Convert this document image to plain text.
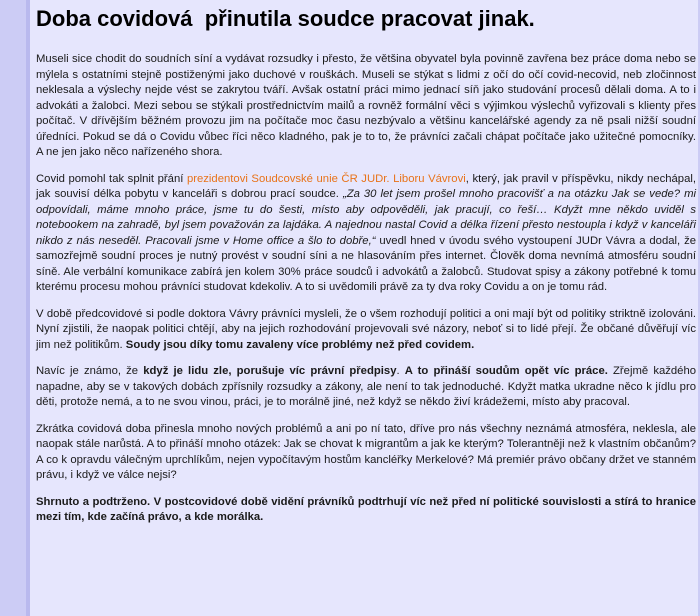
Doba covidová  přinutila soudce pracovat jinak.

Museli sice chodit do soudních síní a vydávat rozsudky i přesto, že většina obyvatel byla povinně zavřena bez práce doma nebo se mýlela s ostatními stejně postiženými jako duchové v rouškách. Museli se stýkat s lidmi z očí do očí covid-necovid, neb zločinnost neklesala a výslechy nejde vést se zakrytou tváří. Avšak ostatní práci mimo jednací síň jako studování procesů dělali doma. A to i advokáti a žalobci. Mezi sebou se stýkali prostřednictvím mailů a rovněž formální věci s výjimkou výslechů vyřizovali s klienty přes počítač. V dřívějším běžném provozu jim na počítače moc času nezbývalo a většinu kancelářské agendy za ně psali nižší soudní úředníci. Pokud se dá o Covidu vůbec říci něco kladného, pak je to to, že právníci začali chápat počítače jako užitečné pomocníky. A ne jen jako něco nařízeného shora.

Covid pomohl tak splnit přání prezidentovi Soudcovské unie ČR JUDr. Liboru Vávrovi, který, jak pravil v příspěvku, nikdy nechápal, jak souvisí délka pobytu v kanceláři s dobrou prací soudce. „Za 30 let jsem prošel mnoho pracovišť a na otázku Jak se vede? mi odpovídali, máme mnoho práce, jsme tu do šesti, místo aby odpověděli, jak pracují, co řeší… Kdyžt mne někdo uviděl s notebookem na zahradě, byl jsem považován za lajdáka. A najednou nastal Covid a délka řízení přesto nestoupla i když v kanceláři nikdo z nás neseděl. Pracovali jsme v Home office a šlo to dobře,“ uvedl hned v úvodu svého vystoupení JUDr Vávra a dodal, že samozřejmě soudní proces je nutný provést v soudní síni a ne hlasováním přes internet. Člověk doma nevnímá atmosféru soudní síně. Ale verbální komunikace zabírá jen kolem 30% práce soudců i advokátů a žalobců. Studovat spisy a zákony potřebné k tomu kterému procesu mohou právníci studovat kdekoliv. A to si uvědomili právě za ty dva roky Covidu a on je tomu rád.

V době předcovidové si podle doktora Vávry právníci mysleli, že o všem rozhodují politici a oni mají být od politiky striktně izolováni. Nyní zjistili, že naopak politici chtějí, aby na jejich rozhodování projevovali své názory, neboť si to lidé přejí. Že občané důvěřují víc jim než politikům. Soudy jsou díky tomu zavaleny více problémy než před covidem.

Navíc je známo, že když je lidu zle, porušuje víc právní předpisy. A to přináší soudům opět víc práce. Zřejmě každého napadne, aby se v takových dobách zpřísnily rozsudky a zákony, ale není to tak jednoduché. Kdyžt matka ukradne něco k jídlu pro děti, protože nemá, a to ne svou vinou, práci, je to morálně jiné, než když se někdo živí krádežemi, místo aby pracoval.

Zkrátka covidová doba přinesla mnoho nových problémů a ani po ní tato, dříve pro nás všechny neznámá atmosféra, neklesla, ale naopak stále narůstá. A to přináší mnoho otázek: Jak se chovat k migrantům a jak ke kterým? Tolerantněji než k vlastním občanům? A co k opravdu válečným uprchlíkům, nejen vypočítavým hostům kancléřky Merkelové? Má premiér právo občany držet ve stanném právu, i když ve válce nejsi?

Shrnuto a podtrženo. V postcovidové době vidění právníků podtrhují víc než před ní politické souvislosti a stírá to hranice mezi tím, kde začíná právo, a kde morálka.
